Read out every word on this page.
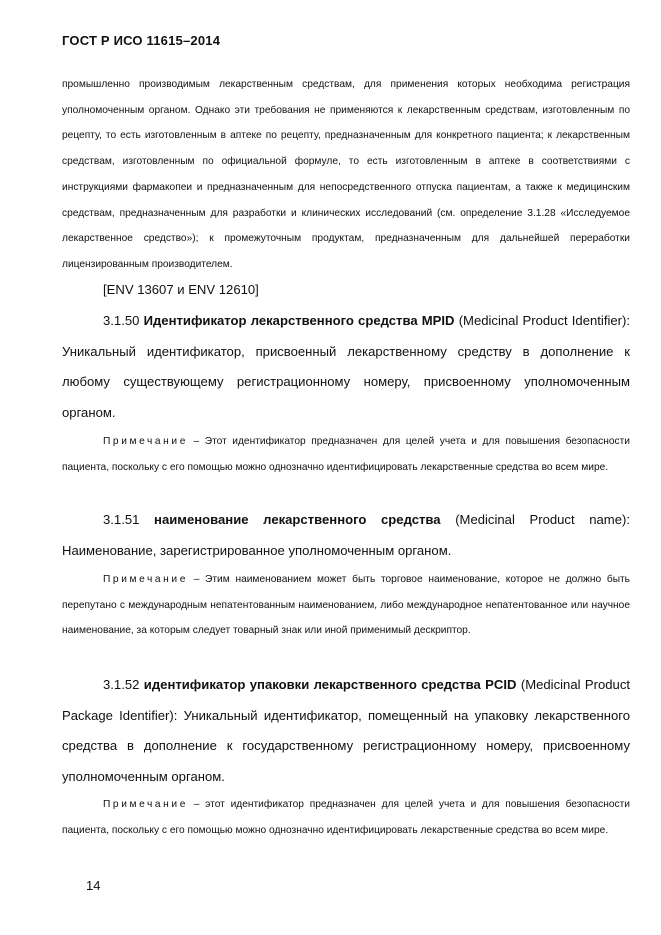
ГОСТ Р ИСО 11615–2014
промышленно производимым лекарственным средствам, для применения которых необходима регистрация уполномоченным органом. Однако эти требования не применяются к лекарственным средствам, изготовленным по рецепту, то есть изготовленным в аптеке по рецепту, предназначенным для конкретного пациента; к лекарственным средствам, изготовленным по официальной формуле, то есть изготовленным в аптеке в соответствиями с инструкциями фармакопеи и предназначенным для непосредственного отпуска пациентам, а также к медицинским средствам, предназначенным для разработки и клинических исследований (см. определение 3.1.28 «Исследуемое лекарственное средство»); к промежуточным продуктам, предназначенным для дальнейшей переработки лицензированным производителем.
[ENV 13607 и ENV 12610]
3.1.50 Идентификатор лекарственного средства MPID (Medicinal Product Identifier): Уникальный идентификатор, присвоенный лекарственному средству в дополнение к любому существующему регистрационному номеру, присвоенному уполномоченным органом.
Примечание – Этот идентификатор предназначен для целей учета и для повышения безопасности пациента, поскольку с его помощью можно однозначно идентифицировать лекарственные средства во всем мире.
3.1.51 наименование лекарственного средства (Medicinal Product name): Наименование, зарегистрированное уполномоченным органом.
Примечание – Этим наименованием может быть торговое наименование, которое не должно быть перепутано с международным непатентованным наименованием, либо международное непатентованное или научное наименование, за которым следует товарный знак или иной применимый дескриптор.
3.1.52 идентификатор упаковки лекарственного средства PCID (Medicinal Product Package Identifier): Уникальный идентификатор, помещенный на упаковку лекарственного средства в дополнение к государственному регистрационному номеру, присвоенному уполномоченным органом.
Примечание – этот идентификатор предназначен для целей учета и для повышения безопасности пациента, поскольку с его помощью можно однозначно идентифицировать лекарственные средства во всем мире.
14
